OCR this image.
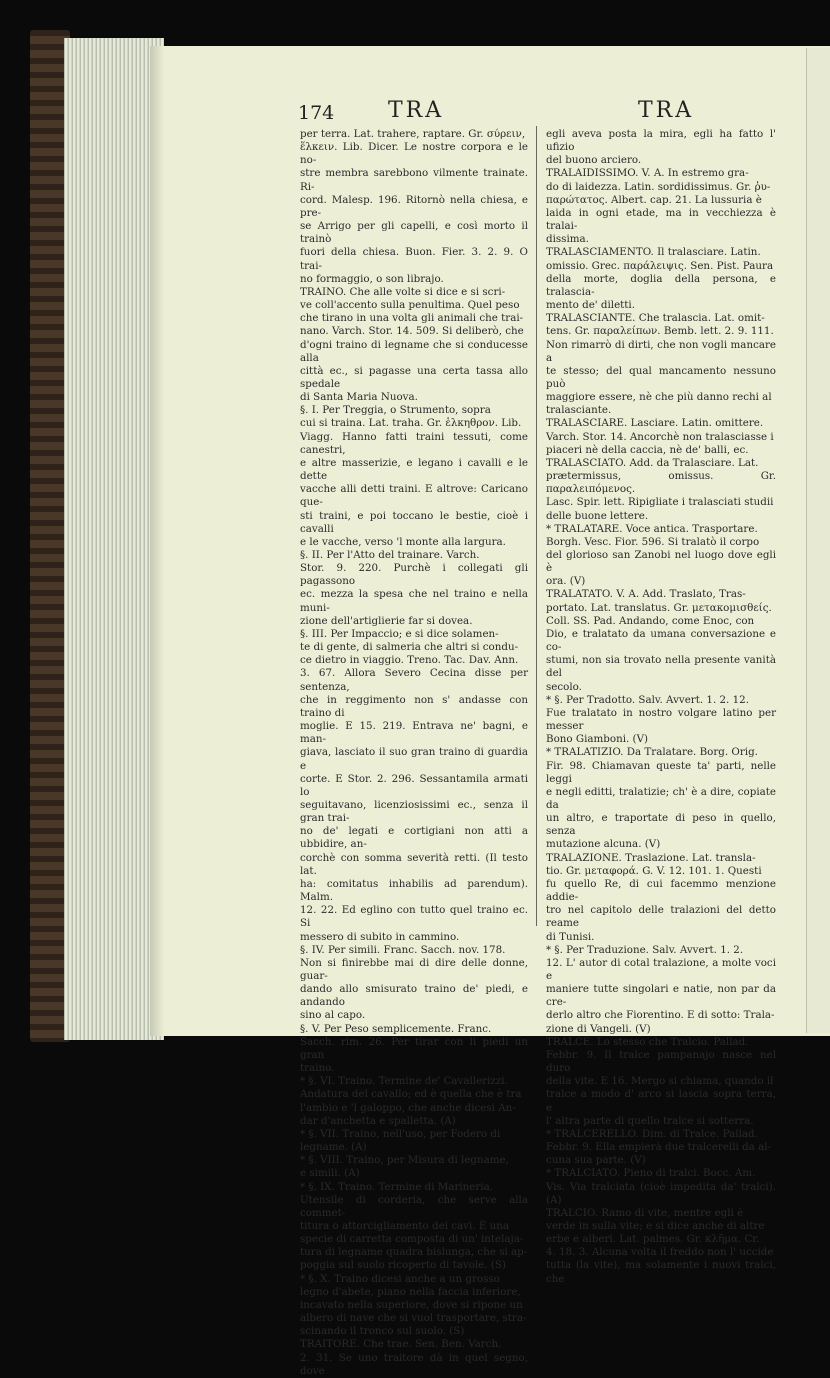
174 TRA	TRA

per terra. Lat. trahere, raptare. Gr. σύρειν,

ἕλκειν. Lib. Dicer. Le nostre corpora e le no-

stre membra sarebbono vilmente trainate. Ri-

cord. Malesp. 196. Ritornò nella chiesa, e pre-

se Arrigo per gli capelli, e così morto il trainò

fuori della chiesa. Buon. Fier. 3. 2. 9. O trai-

no formaggio, o son librajo.

TRAINO. Che alle volte si dice e si scri-

ve coll'accento sulla penultima. Quel peso

che tirano in una volta gli animali che trai-

nano. Varch. Stor. 14. 509. Si deliberò, che

d'ogni traino di legname che si conducesse alla

città ec., si pagasse una certa tassa allo spedale

di Santa Maria Nuova.

§. I. Per Treggia, o Strumento, sopra

cui si traina. Lat. traha. Gr. ἑλκηθρον. Lib.

Viagg. Hanno fatti traini tessuti, come canestri,

e altre masserizie, e legano i cavalli e le dette

vacche alli detti traini. E altrove: Caricano que-

sti traini, e poi toccano le bestie, cioè i cavalli

e le vacche, verso 'l monte alla largura.

§. II. Per l'Atto del trainare. Varch.

Stor. 9. 220. Purchè i collegati gli pagassono

ec. mezza la spesa che nel traino e nella muni-

zione dell'artiglierie far si dovea.

§. III. Per Impaccio; e si dice solamen-

te di gente, di salmeria che altri si condu-

ce dietro in viaggio. Treno. Tac. Dav. Ann.

3. 67. Allora Severo Cecina disse per sentenza,

che in reggimento non s' andasse con traino di

moglie. E 15. 219. Entrava ne' bagni, e man-

giava, lasciato il suo gran traino di guardia e

corte. E Stor. 2. 296. Sessantamila armati lo

seguitavano, licenziosissimi ec., senza il gran trai-

no de' legati e cortigiani non atti a ubbidire, an-

corchè con somma severità retti. (Il testo lat.

ha: comitatus inhabilis ad parendum). Malm.

12. 22. Ed eglino con tutto quel traino ec. Si

messero di subito in cammino.

§. IV. Per simili. Franc. Sacch. nov. 178.

Non si finirebbe mai di dire delle donne, guar-

dando allo smisurato traino de' piedi, e andando

sino al capo.

§. V. Per Peso semplicemente. Franc.

Sacch. rim. 26. Per tirar con li piedi un gran

traino.

* §. VI. Traino. Termine de' Cavallerizzi.

Andatura del cavallo; ed è quella che è tra

l'ambio e 'l galoppo, che anche dicesi An-

dar d'anchetta e spalletta. (A)

* §. VII. Traino, nell'uso, per Fodero di

legname. (A)

* §. VIII. Traino, per Misura di legname,

e simili. (A)

* §. IX. Traino. Termine di Marineria.

Utensile di corderia, che serve alla commet-

titura o attorcigliamento dei cavi. È una

specie di carretta composta di un' intelaja-

tura di legname quadra bislunga, che si ap-

poggia sul suolo ricoperto di tavole. (S)

* §. X. Traino dicesi anche a un grosso

legno d'abete, piano nella faccia inferiore,

incavato nella superiore, dove si ripone un

albero di nave che si vuol trasportare, stra-

scinando il tronco sul suolo. (S)

TRAITORE. Che trae. Sen. Ben. Varch.

2. 31. Se uno traitore dà in quel segno, dove

egli aveva posta la mira, egli ha fatto l' ufizio

del buono arciero.

TRALAIDISSIMO. V. A. In estremo gra-

do di laidezza. Latin. sordidissimus. Gr. ῥυ-

παρώτατος. Albert. cap. 21. La lussuria è

laida in ogni etade, ma in vecchiezza è tralai-

dissima.

TRALASCIAMENTO. Il tralasciare. Latin.

omissio. Grec. παράλειψις. Sen. Pist. Paura

della morte, doglia della persona, e tralascia-

mento de' diletti.

TRALASCIANTE. Che tralascia. Lat. omit-

tens. Gr. παραλείπων. Bemb. lett. 2. 9. 111.

Non rimarrò di dirti, che non vogli mancare a

te stesso; del qual mancamento nessuno può

maggiore essere, nè che più danno rechi al

tralasciante.

TRALASCIARE. Lasciare. Latin. omittere.

Varch. Stor. 14. Ancorchè non tralasciasse i

piaceri nè della caccia, nè de' balli, ec.

TRALASCIATO. Add. da Tralasciare. Lat.

prætermissus, omissus. Gr. παραλειπόμενος.

Lasc. Spir. lett. Ripigliate i tralasciati studii

delle buone lettere.

* TRALATARE. Voce antica. Trasportare.

Borgh. Vesc. Fior. 596. Si tralatò il corpo

del glorioso san Zanobi nel luogo dove egli è

ora. (V)

TRALATATO. V. A. Add. Traslato, Tras-

portato. Lat. translatus. Gr. μετακομισθείς.

Coll. SS. Pad. Andando, come Enoc, con

Dio, e tralatato da umana conversazione e co-

stumi, non sia trovato nella presente vanità del

secolo.

* §. Per Tradotto. Salv. Avvert. 1. 2. 12.

Fue tralatato in nostro volgare latino per messer

Bono Giamboni. (V)

* TRALATIZIO. Da Tralatare. Borg. Orig.

Fir. 98. Chiamavan queste ta' parti, nelle leggi

e negli editti, tralatizie; ch' è a dire, copiate da

un altro, e traportate di peso in quello, senza

mutazione alcuna. (V)

TRALAZIONE. Traslazione. Lat. transla-

tio. Gr. μεταφορά. G. V. 12. 101. 1. Questi

fu quello Re, di cui facemmo menzione addie-

tro nel capitolo delle tralazioni del detto reame

di Tunisi.

* §. Per Traduzione. Salv. Avvert. 1. 2.

12. L' autor di cotal tralazione, a molte voci e

maniere tutte singolari e natie, non par da cre-

derlo altro che Fiorentino. E di sotto: Trala-

zione di Vangeli. (V)

TRALCE. Lo stesso che Tralcio. Pallad.

Febbr. 9. Il tralce pampanajo nasce nel duro

della vite. E 16. Mergo si chiama, quando il

tralce a modo d' arco si lascia sopra terra, e

l' altra parte di quello tralce si sotterra.

* TRALCERELLO. Dim. di Tralce. Pallad.

Febbr. 9. Ella empierà due tralcerelli da al-

cuna sua parte. (V)

* TRALCIATO. Pieno di tralci. Bocc. Am.

Vis. Via tralciata (cioè impedita da' tralci). (A)

TRALCIO. Ramo di vite, mentre egli è

verde in sulla vite; e si dice anche di altre

erbe e alberi. Lat. palmes. Gr. κλῆμα. Cr.

4. 18. 3. Alcuna volta il freddo non l' uccide

tutta (la vite), ma solamente i nuovi tralci, che
